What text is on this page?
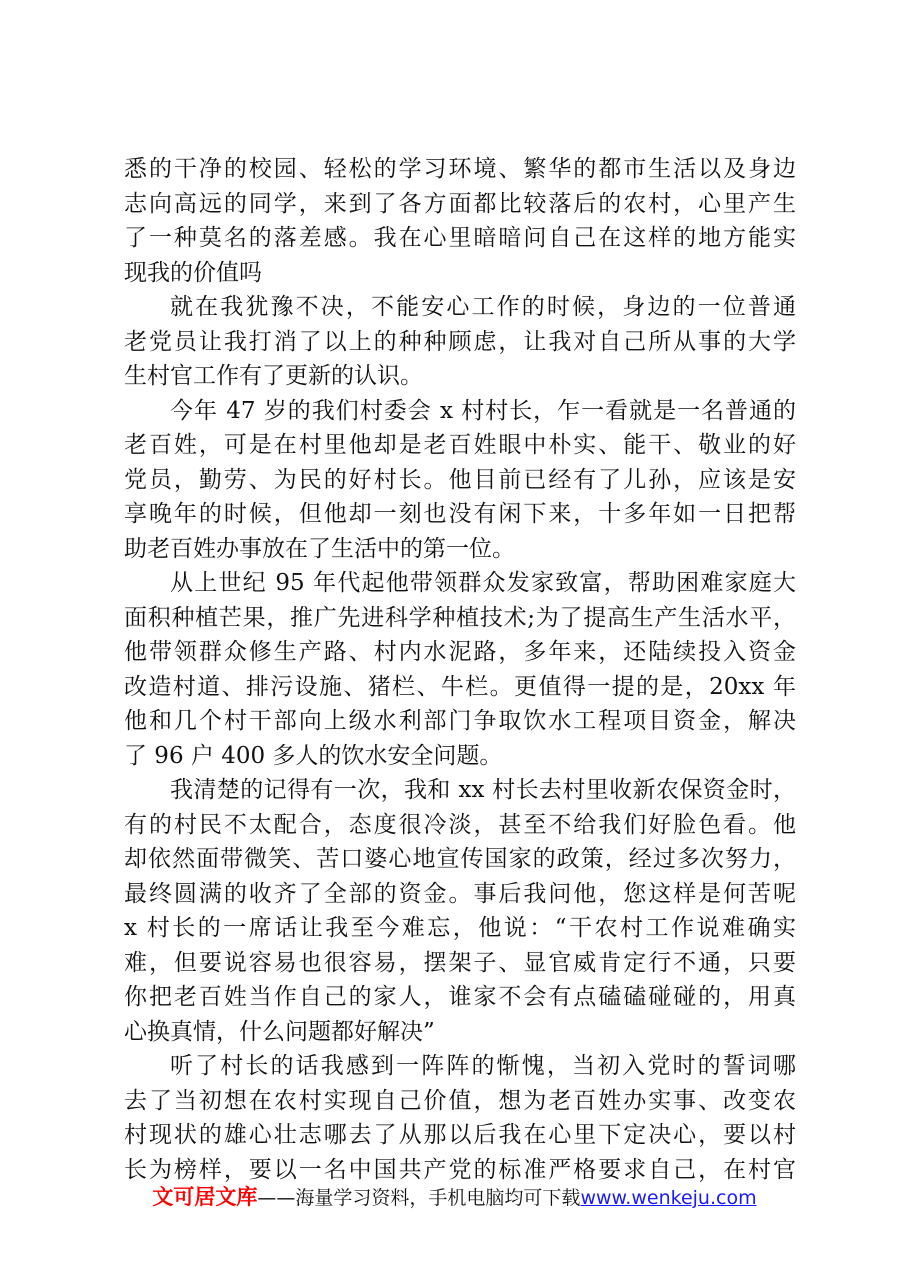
悉的干净的校园、轻松的学习环境、繁华的都市生活以及身边
志向高远的同学，来到了各方面都比较落后的农村，心里产生
了一种莫名的落差感。我在心里暗暗问自己在这样的地方能实
现我的价值吗
就在我犹豫不决，不能安心工作的时候，身边的一位普通
老党员让我打消了以上的种种顾虑，让我对自己所从事的大学
生村官工作有了更新的认识。
今年 47 岁的我们村委会 x 村村长，乍一看就是一名普通的
老百姓，可是在村里他却是老百姓眼中朴实、能干、敬业的好
党员，勤劳、为民的好村长。他目前已经有了儿孙，应该是安
享晚年的时候，但他却一刻也没有闲下来，十多年如一日把帮
助老百姓办事放在了生活中的第一位。
从上世纪 95 年代起他带领群众发家致富，帮助困难家庭大
面积种植芒果，推广先进科学种植技术;为了提高生产生活水平，
他带领群众修生产路、村内水泥路，多年来，还陆续投入资金
改造村道、排污设施、猪栏、牛栏。更值得一提的是，20xx 年
他和几个村干部向上级水利部门争取饮水工程项目资金，解决
了 96 户 400 多人的饮水安全问题。
我清楚的记得有一次，我和 xx 村长去村里收新农保资金时，
有的村民不太配合，态度很冷淡，甚至不给我们好脸色看。他
却依然面带微笑、苦口婆心地宣传国家的政策，经过多次努力，
最终圆满的收齐了全部的资金。事后我问他，您这样是何苦呢
x 村长的一席话让我至今难忘，他说：“干农村工作说难确实
难，但要说容易也很容易，摆架子、显官威肯定行不通，只要
你把老百姓当作自己的家人，谁家不会有点磕磕碰碰的，用真
心换真情，什么问题都好解决”
听了村长的话我感到一阵阵的惭愧，当初入党时的誓词哪
去了当初想在农村实现自己价值，想为老百姓办实事、改变农
村现状的雄心壮志哪去了从那以后我在心里下定决心，要以村
长为榜样，要以一名中国共产党的标准严格要求自己，在村官
文可居文库——海量学习资料，手机电脑均可下载www.wenkeju.com
